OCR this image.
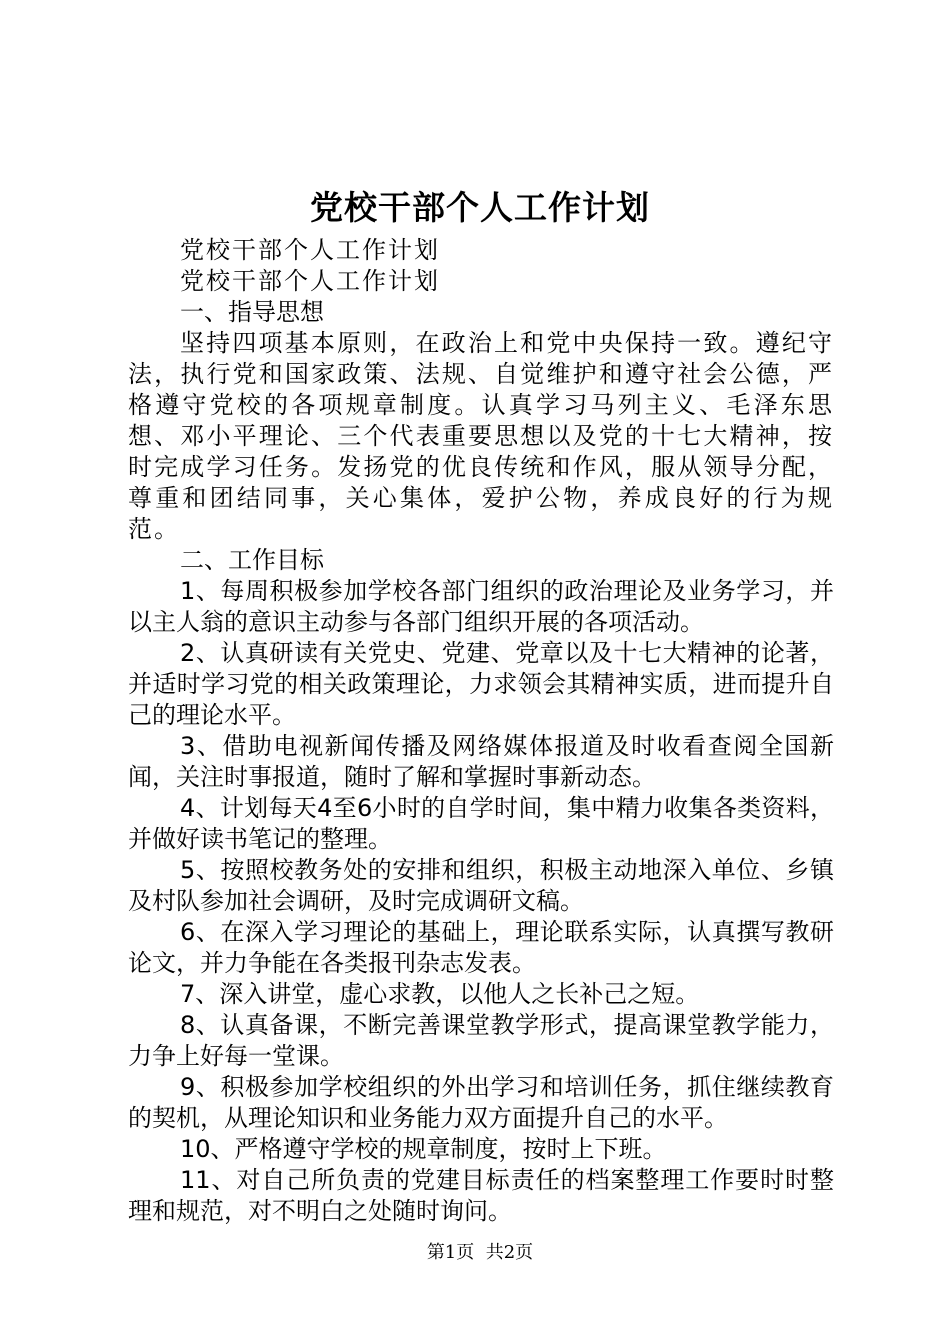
党校干部个人工作计划

党校干部个人工作计划

党校干部个人工作计划

一、指导思想

坚持四项基本原则，在政治上和党中央保持一致。遵纪守法，执行党和国家政策、法规、自觉维护和遵守社会公德，严格遵守党校的各项规章制度。认真学习马列主义、毛泽东思想、邓小平理论、三个代表重要思想以及党的十七大精神，按时完成学习任务。发扬党的优良传统和作风，服从领导分配，尊重和团结同事，关心集体，爱护公物，养成良好的行为规范。

二、工作目标

1、每周积极参加学校各部门组织的政治理论及业务学习，并以主人翁的意识主动参与各部门组织开展的各项活动。

2、认真研读有关党史、党建、党章以及十七大精神的论著，并适时学习党的相关政策理论，力求领会其精神实质，进而提升自己的理论水平。

3、借助电视新闻传播及网络媒体报道及时收看查阅全国新闻，关注时事报道，随时了解和掌握时事新动态。

4、计划每天4至6小时的自学时间，集中精力收集各类资料，并做好读书笔记的整理。

5、按照校教务处的安排和组织，积极主动地深入单位、乡镇及村队参加社会调研，及时完成调研文稿。

6、在深入学习理论的基础上，理论联系实际，认真撰写教研论文，并力争能在各类报刊杂志发表。

7、深入讲堂，虚心求教，以他人之长补己之短。

8、认真备课，不断完善课堂教学形式，提高课堂教学能力，力争上好每一堂课。

9、积极参加学校组织的外出学习和培训任务，抓住继续教育的契机，从理论知识和业务能力双方面提升自己的水平。

10、严格遵守学校的规章制度，按时上下班。

11、对自己所负责的党建目标责任的档案整理工作要时时整理和规范，对不明白之处随时询问。

第1页  共2页
